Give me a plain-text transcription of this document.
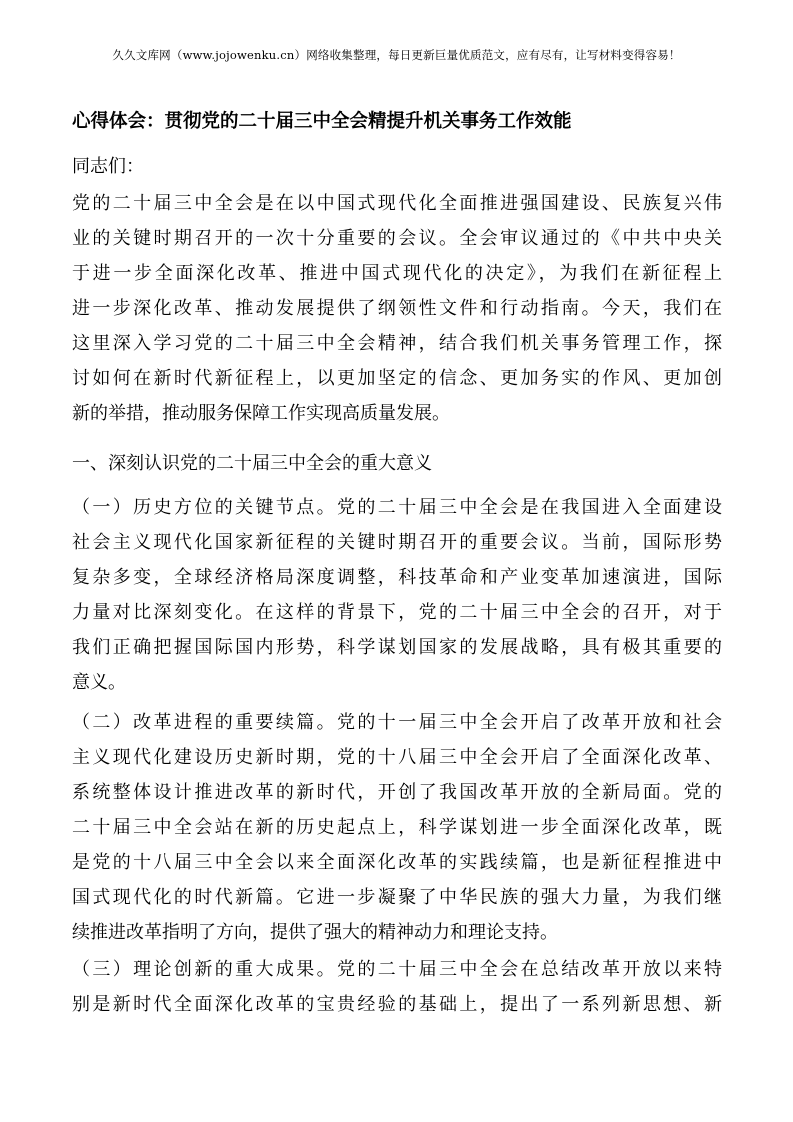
久久文库网（www.jojowenku.cn）网络收集整理，每日更新巨量优质范文，应有尽有，让写材料变得容易！
心得体会：贯彻党的二十届三中全会精提升机关事务工作效能
同志们：
党的二十届三中全会是在以中国式现代化全面推进强国建设、民族复兴伟
业的关键时期召开的一次十分重要的会议。全会审议通过的《中共中央关
于进一步全面深化改革、推进中国式现代化的决定》，为我们在新征程上
进一步深化改革、推动发展提供了纲领性文件和行动指南。今天，我们在
这里深入学习党的二十届三中全会精神，结合我们机关事务管理工作，探
讨如何在新时代新征程上，以更加坚定的信念、更加务实的作风、更加创
新的举措，推动服务保障工作实现高质量发展。
一、深刻认识党的二十届三中全会的重大意义
（一）历史方位的关键节点。党的二十届三中全会是在我国进入全面建设
社会主义现代化国家新征程的关键时期召开的重要会议。当前，国际形势
复杂多变，全球经济格局深度调整，科技革命和产业变革加速演进，国际
力量对比深刻变化。在这样的背景下，党的二十届三中全会的召开，对于
我们正确把握国际国内形势，科学谋划国家的发展战略，具有极其重要的
意义。
（二）改革进程的重要续篇。党的十一届三中全会开启了改革开放和社会
主义现代化建设历史新时期，党的十八届三中全会开启了全面深化改革、
系统整体设计推进改革的新时代，开创了我国改革开放的全新局面。党的
二十届三中全会站在新的历史起点上，科学谋划进一步全面深化改革，既
是党的十八届三中全会以来全面深化改革的实践续篇，也是新征程推进中
国式现代化的时代新篇。它进一步凝聚了中华民族的强大力量，为我们继
续推进改革指明了方向，提供了强大的精神动力和理论支持。
（三）理论创新的重大成果。党的二十届三中全会在总结改革开放以来特
别是新时代全面深化改革的宝贵经验的基础上，提出了一系列新思想、新
